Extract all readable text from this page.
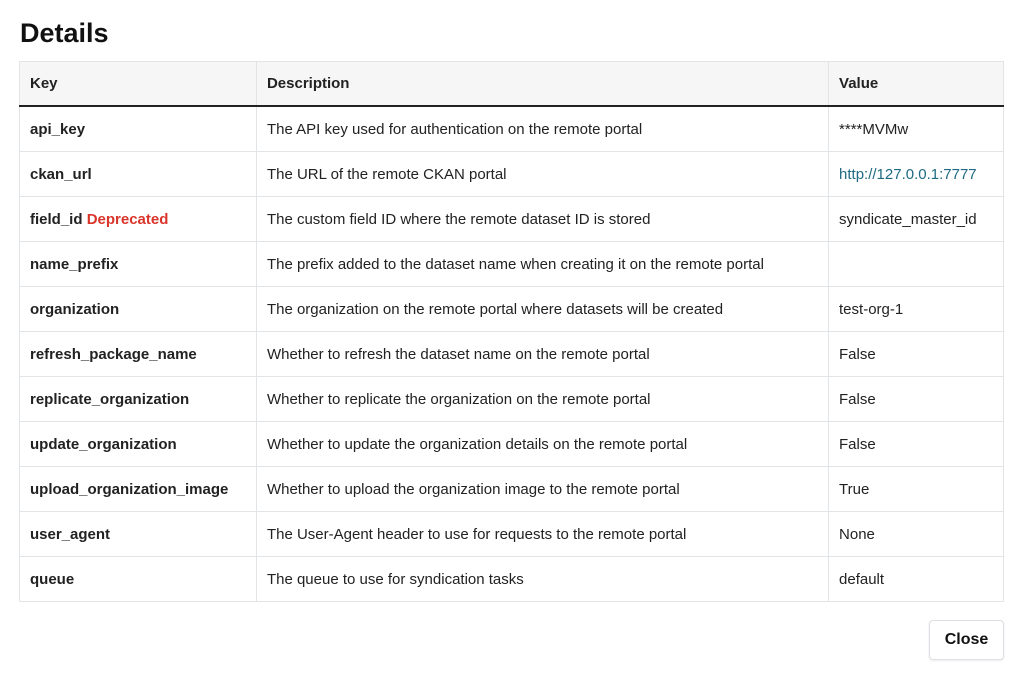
Details
Key	Description	Value
api_key	The API key used for authentication on the remote portal	****MVMw
ckan_url	The URL of the remote CKAN portal	http://127.0.0.1:7777
field_id Deprecated	The custom field ID where the remote dataset ID is stored	syndicate_master_id
name_prefix	The prefix added to the dataset name when creating it on the remote portal	
organization	The organization on the remote portal where datasets will be created	test-org-1
refresh_package_name	Whether to refresh the dataset name on the remote portal	False
replicate_organization	Whether to replicate the organization on the remote portal	False
update_organization	Whether to update the organization details on the remote portal	False
upload_organization_image	Whether to upload the organization image to the remote portal	True
user_agent	The User-Agent header to use for requests to the remote portal	None
queue	The queue to use for syndication tasks	default
Close
